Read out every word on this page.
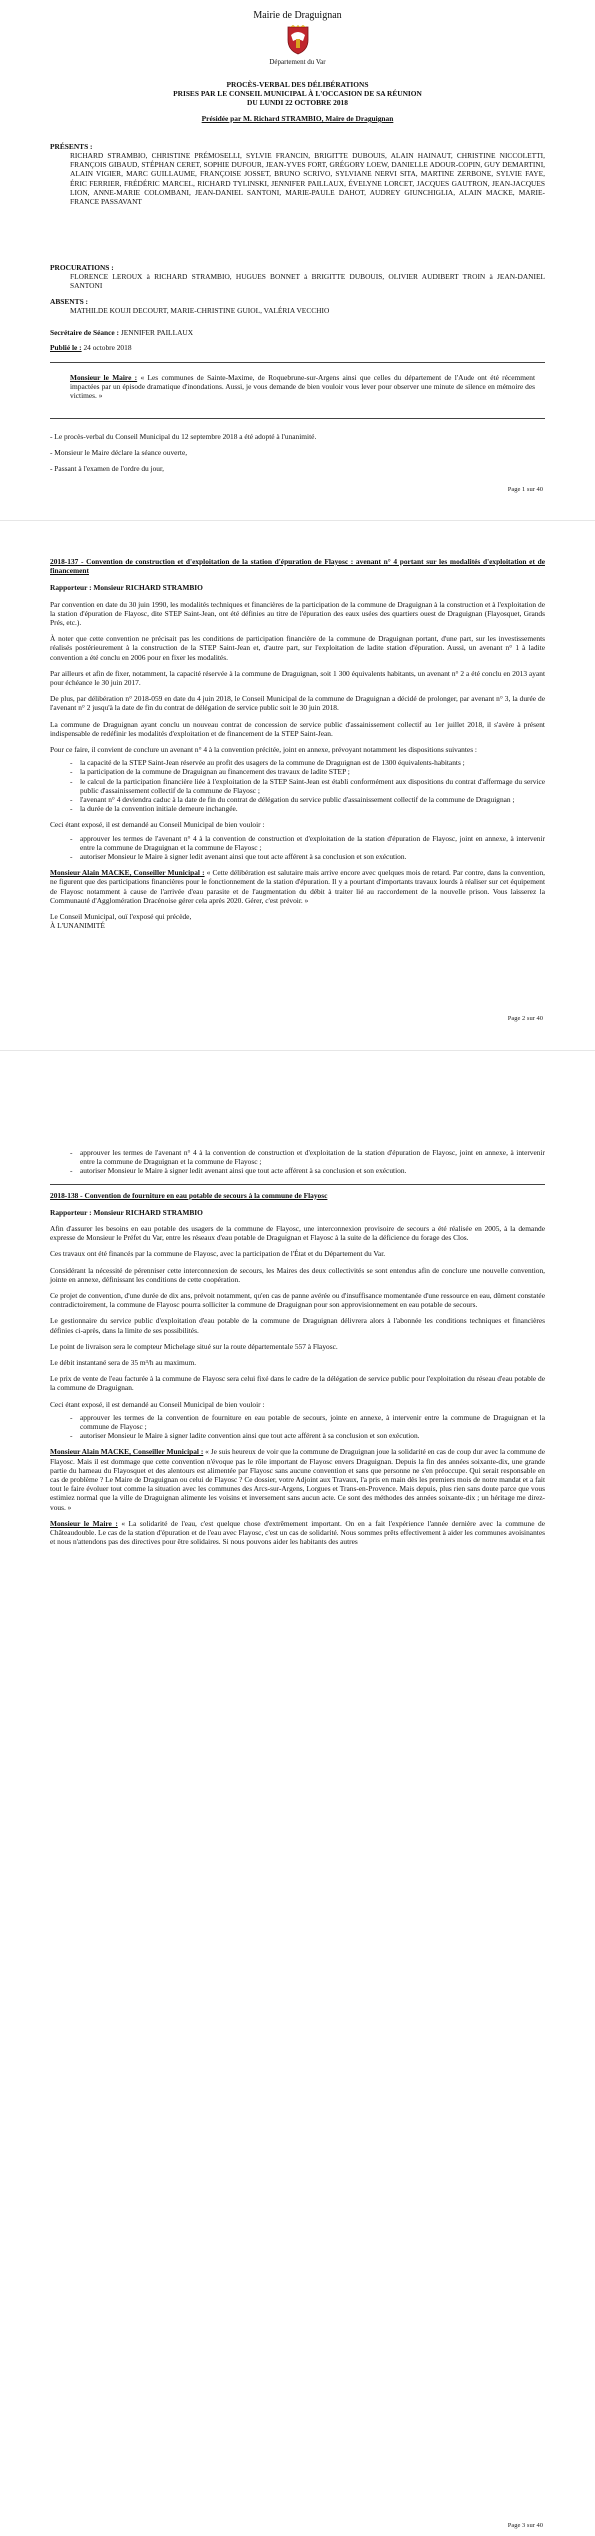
Mairie de Draguignan
Département du Var
PROCÈS-VERBAL DES DÉLIBÉRATIONS
PRISES PAR LE CONSEIL MUNICIPAL À L'OCCASION DE SA RÉUNION
DU LUNDI 22 OCTOBRE 2018
Présidée par M. Richard STRAMBIO, Maire de Draguignan
PRÉSENTS :
RICHARD STRAMBIO, CHRISTINE PRÉMOSELLI, SYLVIE FRANCIN, BRIGITTE DUBOUIS, ALAIN HAINAUT, CHRISTINE NICCOLETTI, FRANÇOIS GIBAUD, STÉPHAN CERET, SOPHIE DUFOUR, JEAN-YVES FORT, GRÉGORY LOEW, DANIELLE ADOUR-COPIN, GUY DEMARTINI, ALAIN VIGIER, MARC GUILLAUME, FRANÇOISE JOSSET, BRUNO SCRIVO, SYLVIANE NERVI SITA, MARTINE ZERBONE, SYLVIE FAYE, ÉRIC FERRIER, FRÉDÉRIC MARCEL, RICHARD TYLINSKI, JENNIFER PAILLAUX, ÉVELYNE LORCET, JACQUES GAUTRON, JEAN-JACQUES LION, ANNE-MARIE COLOMBANI, JEAN-DANIEL SANTONI, MARIE-PAULE DAHOT, AUDREY GIUNCHIGLIA, ALAIN MACKE, MARIE-FRANCE PASSAVANT
PROCURATIONS :
FLORENCE LEROUX à RICHARD STRAMBIO, HUGUES BONNET à BRIGITTE DUBOUIS, OLIVIER AUDIBERT TROIN à JEAN-DANIEL SANTONI
ABSENTS :
MATHILDE KOUJI DECOURT, MARIE-CHRISTINE GUIOL, VALÉRIA VECCHIO
Secrétaire de Séance : JENNIFER PAILLAUX
Publié le : 24 octobre 2018
Monsieur le Maire : « Les communes de Sainte-Maxime, de Roquebrune-sur-Argens ainsi que celles du département de l'Aude ont été récemment impactées par un épisode dramatique d'inondations. Aussi, je vous demande de bien vouloir vous lever pour observer une minute de silence en mémoire des victimes. »
- Le procès-verbal du Conseil Municipal du 12 septembre 2018 a été adopté à l'unanimité.
- Monsieur le Maire déclare la séance ouverte,
- Passant à l'examen de l'ordre du jour,
Page 1 sur 40

2018-137 - Convention de construction et d'exploitation de la station d'épuration de Flayosc : avenant n° 4 portant sur les modalités d'exploitation et de financement

Rapporteur : Monsieur RICHARD STRAMBIO

Par convention en date du 30 juin 1990, les modalités techniques et financières de la participation de la commune de Draguignan à la construction et à l'exploitation de la station d'épuration de Flayosc, dite STEP Saint-Jean, ont été définies au titre de l'épuration des eaux usées des quartiers ouest de Draguignan (Flayosquet, Grands Prés, etc.).

À noter que cette convention ne précisait pas les conditions de participation financière de la commune de Draguignan portant, d'une part, sur les investissements réalisés postérieurement à la construction de la STEP Saint-Jean et, d'autre part, sur l'exploitation de ladite station d'épuration. Aussi, un avenant n° 1 à ladite convention a été conclu en 2006 pour en fixer les modalités.

Par ailleurs et afin de fixer, notamment, la capacité réservée à la commune de Draguignan, soit 1 300 équivalents habitants, un avenant n° 2 a été conclu en 2013 ayant pour échéance le 30 juin 2017.

De plus, par délibération n° 2018-059 en date du 4 juin 2018, le Conseil Municipal de la commune de Draguignan a décidé de prolonger, par avenant n° 3, la durée de l'avenant n° 2 jusqu'à la date de fin du contrat de délégation de service public soit le 30 juin 2018.

La commune de Draguignan ayant conclu un nouveau contrat de concession de service public d'assainissement collectif au 1er juillet 2018, il s'avère à présent indispensable de redéfinir les modalités d'exploitation et de financement de la STEP Saint-Jean.

Pour ce faire, il convient de conclure un avenant n° 4 à la convention précitée, joint en annexe, prévoyant notamment les dispositions suivantes :

- la capacité de la STEP Saint-Jean réservée au profit des usagers de la commune de Draguignan est de 1300 équivalents-habitants ;

- la participation de la commune de Draguignan au financement des travaux de ladite STEP ;

- le calcul de la participation financière liée à l'exploitation de la STEP Saint-Jean est établi conformément aux dispositions du contrat d'affermage du service public d'assainissement collectif de la commune de Flayosc ;

- l'avenant n° 4 deviendra caduc à la date de fin du contrat de délégation du service public d'assainissement collectif de la commune de Draguignan ;

- la durée de la convention initiale demeure inchangée.

Ceci étant exposé, il est demandé au Conseil Municipal de bien vouloir :

- approuver les termes de l'avenant n° 4 à la convention de construction et d'exploitation de la station d'épuration de Flayosc, joint en annexe, à intervenir entre la commune de Draguignan et la commune de Flayosc ;

- autoriser Monsieur le Maire à signer ledit avenant ainsi que tout acte afférent à sa conclusion et son exécution.

Monsieur Alain MACKE, Conseiller Municipal : « Cette délibération est salutaire mais arrive encore avec quelques mois de retard. Par contre, dans la convention, ne figurent que des participations financières pour le fonctionnement de la station d'épuration. Il y a pourtant d'importants travaux lourds à réaliser sur cet équipement de Flayosc notamment à cause de l'arrivée d'eau parasite et de l'augmentation du débit à traiter lié au raccordement de la nouvelle prison. Vous laisserez la Communauté d'Agglomération Dracénoise gérer cela après 2020. Gérer, c'est prévoir. »

Le Conseil Municipal, ouï l'exposé qui précède,

À L'UNANIMITÉ

Page 2 sur 40

- approuver les termes de l'avenant n° 4 à la convention de construction et d'exploitation de la station d'épuration de Flayosc, joint en annexe, à intervenir entre la commune de Draguignan et la commune de Flayosc ;

- autoriser Monsieur le Maire à signer ledit avenant ainsi que tout acte afférent à sa conclusion et son exécution.

2018-138 - Convention de fourniture en eau potable de secours à la commune de Flayosc

Rapporteur : Monsieur RICHARD STRAMBIO

Afin d'assurer les besoins en eau potable des usagers de la commune de Flayosc, une interconnexion provisoire de secours a été réalisée en 2005, à la demande expresse de Monsieur le Préfet du Var, entre les réseaux d'eau potable de Draguignan et Flayosc à la suite de la déficience du forage des Clos.

Ces travaux ont été financés par la commune de Flayosc, avec la participation de l'État et du Département du Var.

Considérant la nécessité de pérenniser cette interconnexion de secours, les Maires des deux collectivités se sont entendus afin de conclure une nouvelle convention, jointe en annexe, définissant les conditions de cette coopération.

Ce projet de convention, d'une durée de dix ans, prévoit notamment, qu'en cas de panne avérée ou d'insuffisance momentanée d'une ressource en eau, dûment constatée contradictoirement, la commune de Flayosc pourra solliciter la commune de Draguignan pour son approvisionnement en eau potable de secours.

Le gestionnaire du service public d'exploitation d'eau potable de la commune de Draguignan délivrera alors à l'abonnée les conditions techniques et financières définies ci-après, dans la limite de ses possibilités.

Le point de livraison sera le compteur Michelage situé sur la route départementale 557 à Flayosc.

Le débit instantané sera de 35 m³/h au maximum.

Le prix de vente de l'eau facturée à la commune de Flayosc sera celui fixé dans le cadre de la délégation de service public pour l'exploitation du réseau d'eau potable de la commune de Draguignan.

Ceci étant exposé, il est demandé au Conseil Municipal de bien vouloir :

- approuver les termes de la convention de fourniture en eau potable de secours, jointe en annexe, à intervenir entre la commune de Draguignan et la commune de Flayosc ;

- autoriser Monsieur le Maire à signer ladite convention ainsi que tout acte afférent à sa conclusion et son exécution.

Monsieur Alain MACKE, Conseiller Municipal : « Je suis heureux de voir que la commune de Draguignan joue la solidarité en cas de coup dur avec la commune de Flayosc. Mais il est dommage que cette convention n'évoque pas le rôle important de Flayosc envers Draguignan. Depuis la fin des années soixante-dix, une grande partie du hameau du Flayosquet et des alentours est alimentée par Flayosc sans aucune convention et sans que personne ne s'en préoccupe. Qui serait responsable en cas de problème ? Le Maire de Draguignan ou celui de Flayosc ? Ce dossier, votre Adjoint aux Travaux, l'a pris en main dès les premiers mois de notre mandat et a fait tout le faire évoluer tout comme la situation avec les communes des Arcs-sur-Argens, Lorgues et Trans-en-Provence. Mais depuis, plus rien sans doute parce que vous estimiez normal que la ville de Draguignan alimente les voisins et inversement sans aucun acte. Ce sont des méthodes des années soixante-dix ; un héritage me direz-vous. »

Monsieur le Maire : « La solidarité de l'eau, c'est quelque chose d'extrêmement important. On en a fait l'expérience l'année dernière avec la commune de Châteaudouble. Le cas de la station d'épuration et de l'eau avec Flayosc, c'est un cas de solidarité. Nous sommes prêts effectivement à aider les communes avoisinantes et nous n'attendons pas des directives pour être solidaires. Si nous pouvons aider les habitants des autres

Page 3 sur 40
